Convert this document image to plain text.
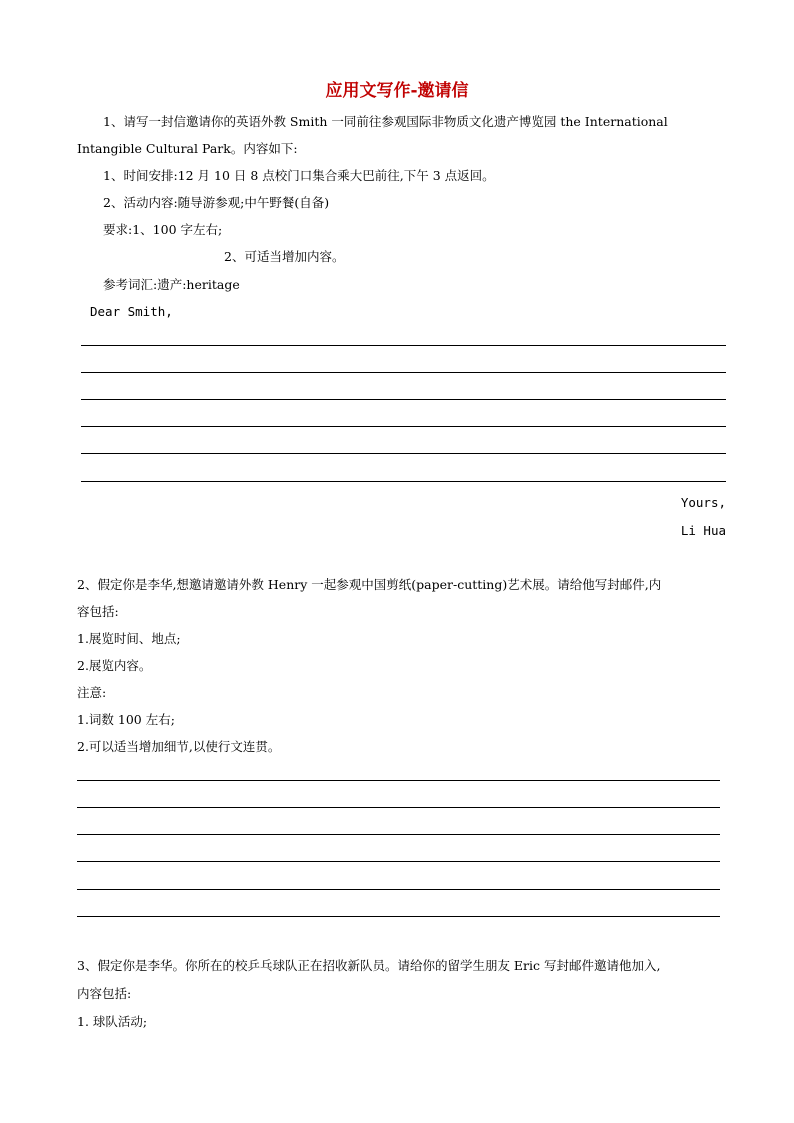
应用文写作-邀请信
1、请写一封信邀请你的英语外教 Smith 一同前往参观国际非物质文化遗产博览园 the International
Intangible Cultural Park。内容如下:
1、时间安排:12 月 10 日 8 点校门口集合乘大巴前往,下午 3 点返回。
2、活动内容:随导游参观;中午野餐(自备)
要求:1、100 字左右;
2、可适当增加内容。
参考词汇:遗产:heritage
Dear Smith,
Yours,
Li Hua
2、假定你是李华,想邀请邀请外教 Henry 一起参观中国剪纸(paper-cutting)艺术展。请给他写封邮件,内
容包括:
1.展览时间、地点;
2.展览内容。
注意:
1.词数 100 左右;
2.可以适当增加细节,以使行文连贯。
3、假定你是李华。你所在的校乒乓球队正在招收新队员。请给你的留学生朋友 Eric 写封邮件邀请他加入,
内容包括:
1. 球队活动;
